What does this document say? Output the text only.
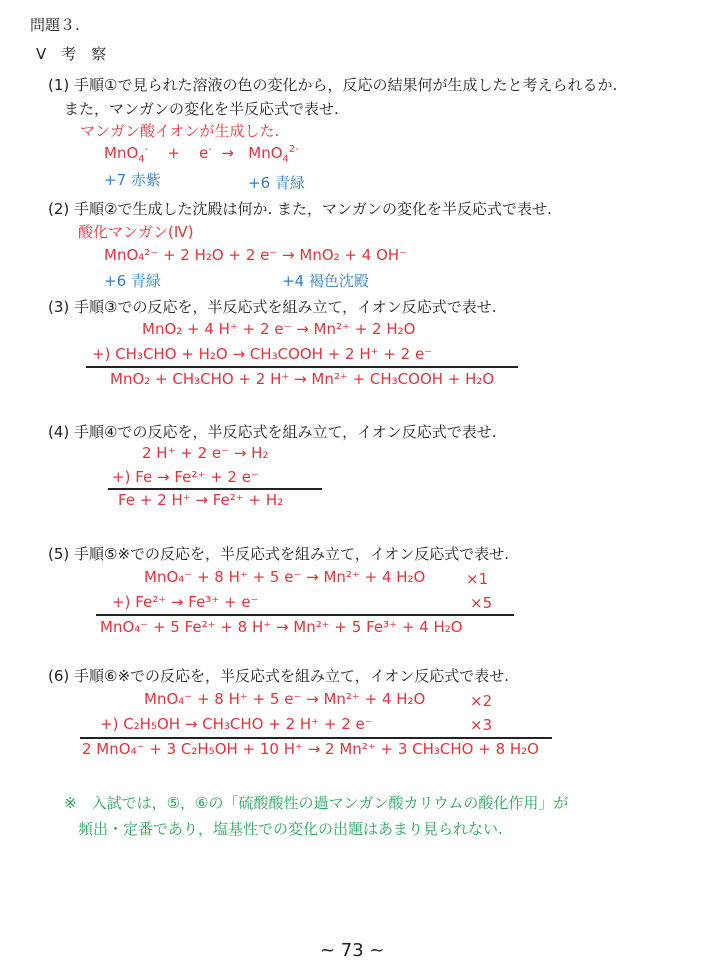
問題３.
Ⅴ　考　察
(1) 手順①で見られた溶液の色の変化から，反応の結果何が生成したと考えられるか.
また，マンガンの変化を半反応式で表せ.
マンガン酸イオンが生成した.
MnO$_4$- + e- → MnO$_4^{2-}$
+7 赤紫	+6 青緑
(2) 手順②で生成した沈殿は何か. また，マンガンの変化を半反応式で表せ.
酸化マンガン(Ⅳ)
MnO₄²⁻ + 2 H₂O + 2 e⁻ → MnO₂ + 4 OH⁻
+6 青緑	+4 褐色沈殿
(3) 手順③での反応を，半反応式を組み立て，イオン反応式で表せ.
MnO₂ + 4 H⁺ + 2 e⁻ → Mn²⁺ + 2 H₂O
+) CH₃CHO + H₂O → CH₃COOH + 2 H⁺ + 2 e⁻
MnO₂ + CH₃CHO + 2 H⁺ → Mn²⁺ + CH₃COOH + H₂O
(4) 手順④での反応を，半反応式を組み立て，イオン反応式で表せ.
2 H⁺ + 2 e⁻ → H₂
+) Fe → Fe²⁺ + 2 e⁻
Fe + 2 H⁺ → Fe²⁺ + H₂
(5) 手順⑤※での反応を，半反応式を組み立て，イオン反応式で表せ.
MnO₄⁻ + 8 H⁺ + 5 e⁻ → Mn²⁺ + 4 H₂O	×1
+) Fe²⁺ → Fe³⁺ + e⁻	×5
MnO₄⁻ + 5 Fe²⁺ + 8 H⁺ → Mn²⁺ + 5 Fe³⁺ + 4 H₂O
(6) 手順⑥※での反応を，半反応式を組み立て，イオン反応式で表せ.
MnO₄⁻ + 8 H⁺ + 5 e⁻ → Mn²⁺ + 4 H₂O	×2
+) C₂H₅OH → CH₃CHO + 2 H⁺ + 2 e⁻	×3
2 MnO₄⁻ + 3 C₂H₅OH + 10 H⁺ → 2 Mn²⁺ + 3 CH₃CHO + 8 H₂O
※　入試では，⑤，⑥の「硫酸酸性の過マンガン酸カリウムの酸化作用」が
頻出・定番であり，塩基性での変化の出題はあまり見られない.
~ 73 ~
